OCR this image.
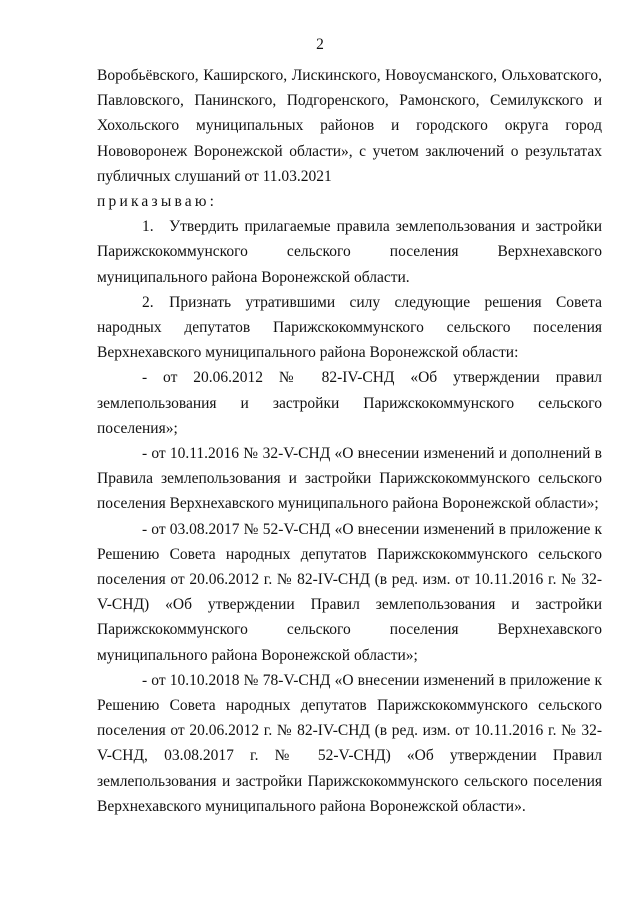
2

Воробьёвского, Каширского, Лискинского, Новоусманского, Ольховатского, Павловского, Панинского, Подгоренского, Рамонского, Семилукского и Хохольского муниципальных районов и городского округа город Нововоронеж Воронежской области», с учетом заключений о результатах публичных слушаний от 11.03.2021

приказываю:

1. Утвердить прилагаемые правила землепользования и застройки Парижскокоммунского сельского поселения Верхнехавского муниципального района Воронежской области.

2. Признать утратившими силу следующие решения Совета народных депутатов Парижскокоммунского сельского поселения Верхнехавского муниципального района Воронежской области:

- от 20.06.2012 № 82-IV-СНД «Об утверждении правил землепользования и застройки Парижскокоммунского сельского поселения»;

- от 10.11.2016 № 32-V-СНД «О внесении изменений и дополнений в Правила землепользования и застройки Парижскокоммунского сельского поселения Верхнехавского муниципального района Воронежской области»;

- от 03.08.2017 № 52-V-СНД «О внесении изменений в приложение к Решению Совета народных депутатов Парижскокоммунского сельского поселения от 20.06.2012 г. № 82-IV-СНД (в ред. изм. от 10.11.2016 г. № 32-V-СНД) «Об утверждении Правил землепользования и застройки Парижскокоммунского сельского поселения Верхнехавского муниципального района Воронежской области»;

- от 10.10.2018 № 78-V-СНД «О внесении изменений в приложение к Решению Совета народных депутатов Парижскокоммунского сельского поселения от 20.06.2012 г. № 82-IV-СНД (в ред. изм. от 10.11.2016 г. № 32-V-СНД, 03.08.2017 г. № 52-V-СНД) «Об утверждении Правил землепользования и застройки Парижскокоммунского сельского поселения Верхнехавского муниципального района Воронежской области».
